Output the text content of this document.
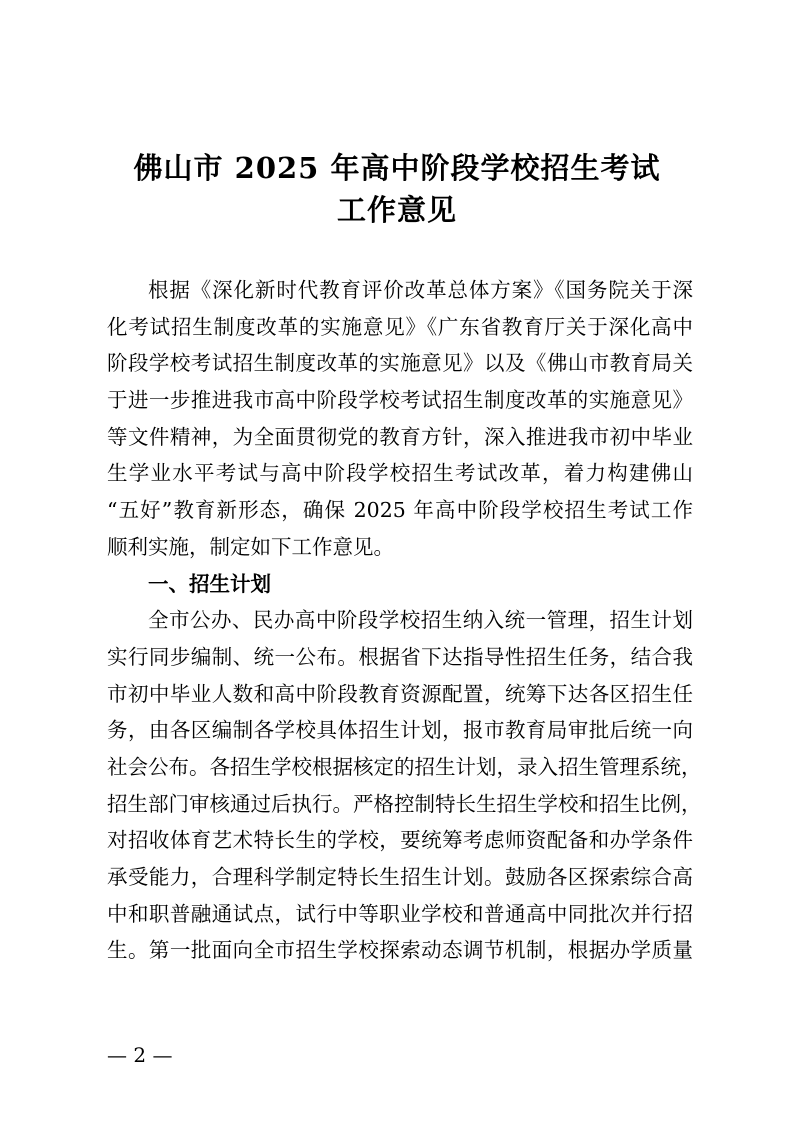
佛山市 2025 年高中阶段学校招生考试
工作意见
根据《深化新时代教育评价改革总体方案》《国务院关于深
化考试招生制度改革的实施意见》《广东省教育厅关于深化高中
阶段学校考试招生制度改革的实施意见》以及《佛山市教育局关
于进一步推进我市高中阶段学校考试招生制度改革的实施意见》
等文件精神，为全面贯彻党的教育方针，深入推进我市初中毕业
生学业水平考试与高中阶段学校招生考试改革，着力构建佛山
“五好”教育新形态，确保 2025 年高中阶段学校招生考试工作
顺利实施，制定如下工作意见。
一、招生计划
全市公办、民办高中阶段学校招生纳入统一管理，招生计划
实行同步编制、统一公布。根据省下达指导性招生任务，结合我
市初中毕业人数和高中阶段教育资源配置，统筹下达各区招生任
务，由各区编制各学校具体招生计划，报市教育局审批后统一向
社会公布。各招生学校根据核定的招生计划，录入招生管理系统，
招生部门审核通过后执行。严格控制特长生招生学校和招生比例，
对招收体育艺术特长生的学校，要统筹考虑师资配备和办学条件
承受能力，合理科学制定特长生招生计划。鼓励各区探索综合高
中和职普融通试点，试行中等职业学校和普通高中同批次并行招
生。第一批面向全市招生学校探索动态调节机制，根据办学质量
— 2 —
